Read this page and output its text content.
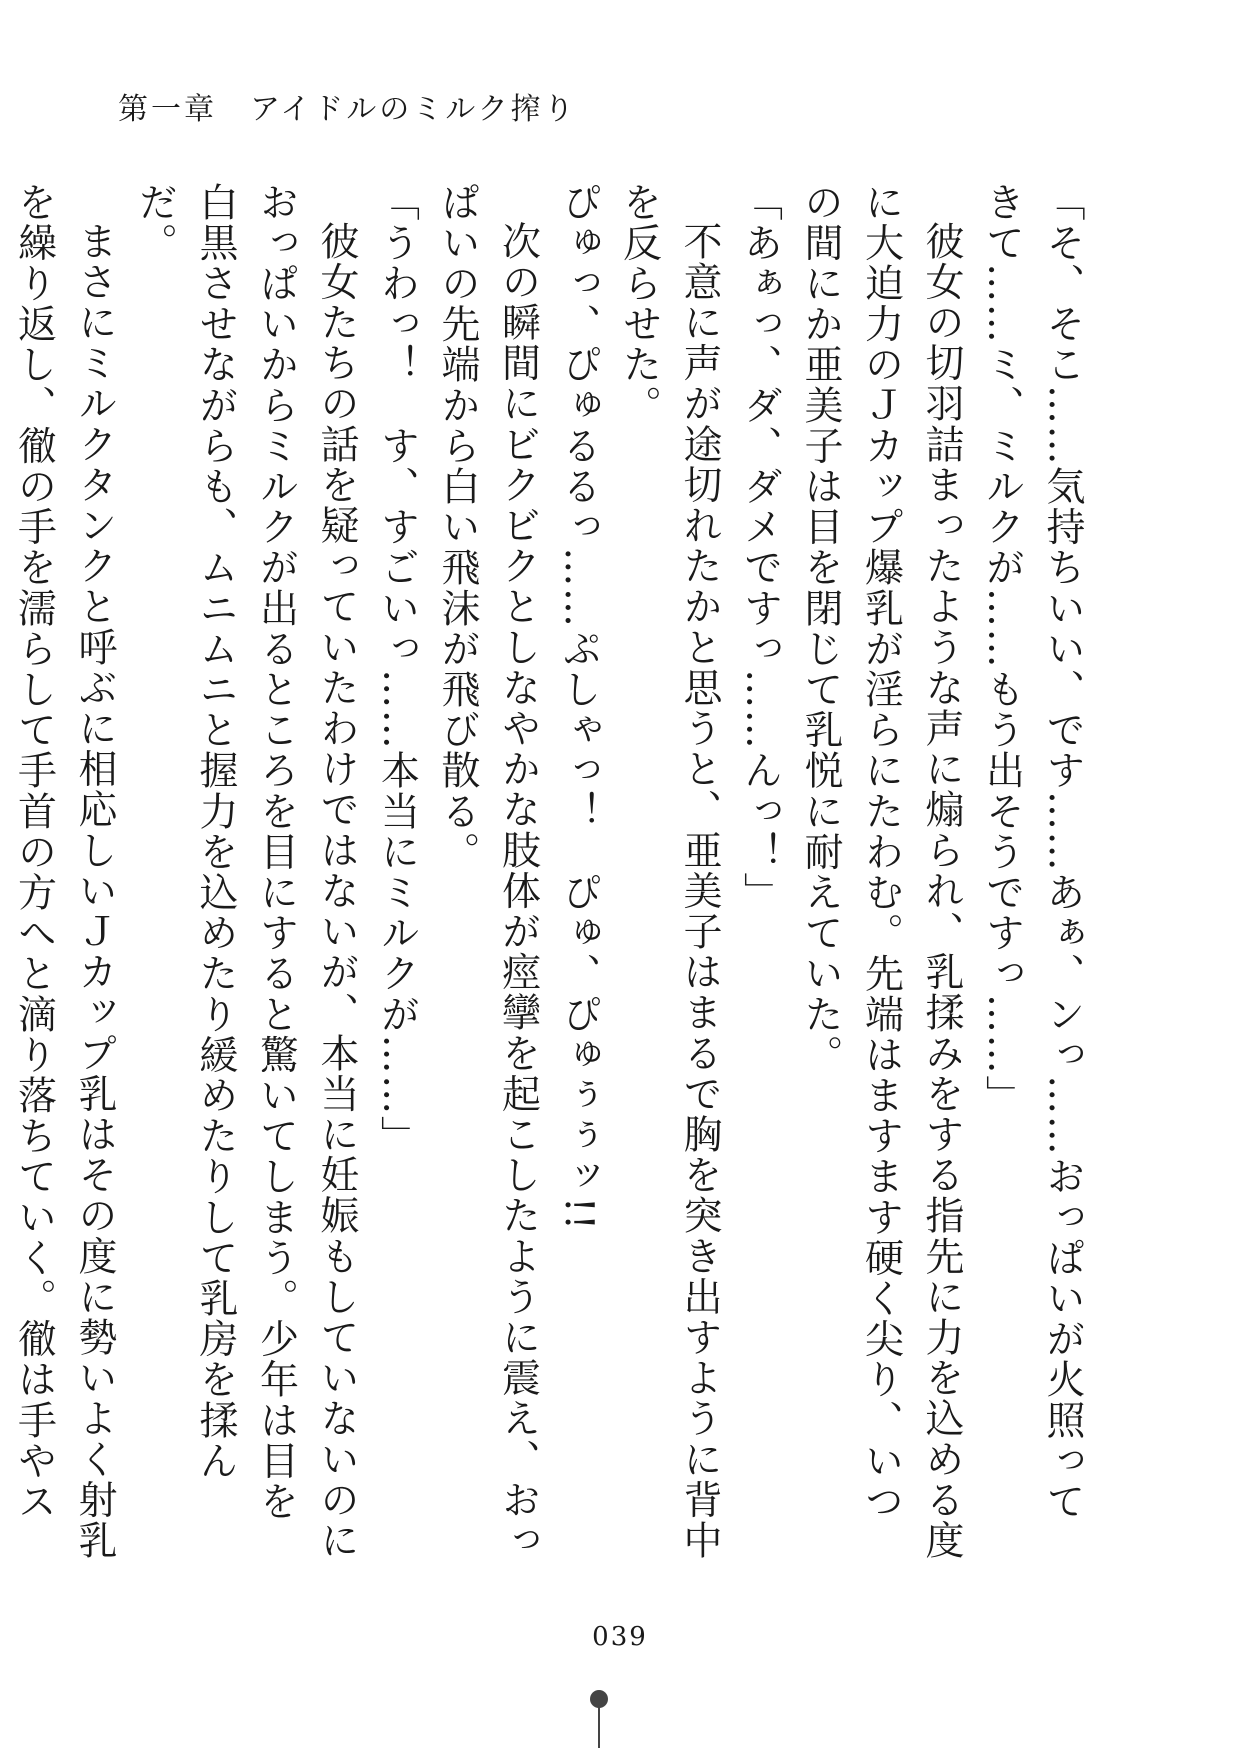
第一章　アイドルのミルク搾り

「そ、そこ……気持ちいい、です……あぁ、ンっ……おっぱいが火照ってきて……ミ、ミルクが……もう出そうですっ……」

彼女の切羽詰まったような声に煽られ、乳揉みをする指先に力を込める度に大迫力のＪカップ爆乳が淫らにたわむ。先端はますます硬く尖り、いつの間にか亜美子は目を閉じて乳悦に耐えていた。

「あぁっ、ダ、ダメですっ……んっ！」

不意に声が途切れたかと思うと、亜美子はまるで胸を突き出すように背中を反らせた。

ぴゅっ、ぴゅるるっ……ぷしゃっ！　ぴゅ、ぴゅぅぅッ!!

次の瞬間にビクビクとしなやかな肢体が痙攣を起こしたように震え、おっぱいの先端から白い飛沫が飛び散る。

「うわっ！　す、すごいっ……本当にミルクが……」

彼女たちの話を疑っていたわけではないが、本当に妊娠もしていないのにおっぱいからミルクが出るところを目にすると驚いてしまう。少年は目を白黒させながらも、ムニムニと握力を込めたり緩めたりして乳房を揉んだ。

まさにミルクタンクと呼ぶに相応しいＪカップ乳はその度に勢いよく射乳を繰り返し、徹の手を濡らして手首の方へと滴り落ちていく。徹は手やス

039
